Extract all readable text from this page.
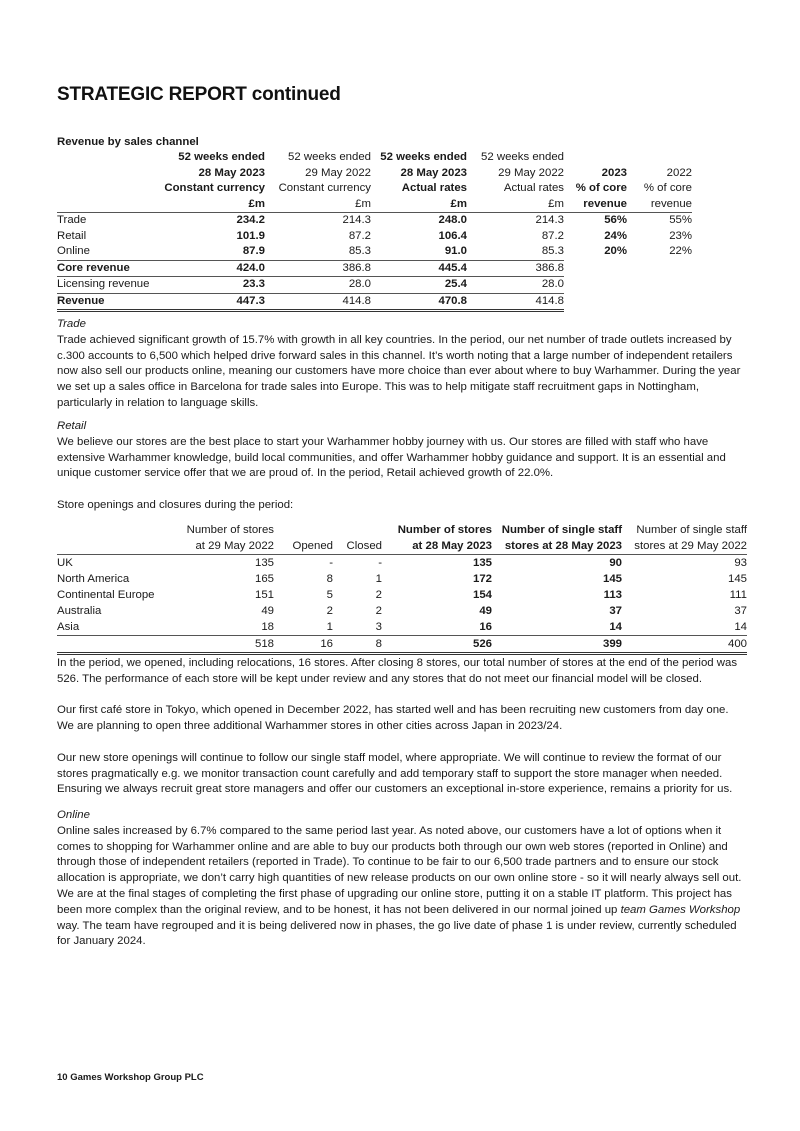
STRATEGIC REPORT continued
Revenue by sales channel
	52 weeks ended	52 weeks ended	52 weeks ended	52 weeks ended		
	28 May 2023	29 May 2022	28 May 2023	29 May 2022	2023	2022
	Constant currency	Constant currency	Actual rates	Actual rates	% of core	% of core
	£m	£m	£m	£m	revenue	revenue
Trade	234.2	214.3	248.0	214.3	56%	55%
Retail	101.9	87.2	106.4	87.2	24%	23%
Online	87.9	85.3	91.0	85.3	20%	22%
Core revenue	424.0	386.8	445.4	386.8		
Licensing revenue	23.3	28.0	25.4	28.0		
Revenue	447.3	414.8	470.8	414.8		

Trade

Trade achieved significant growth of 15.7% with growth in all key countries. In the period, our net number of trade outlets increased by c.300 accounts to 6,500 which helped drive forward sales in this channel. It’s worth noting that a large number of independent retailers now also sell our products online, meaning our customers have more choice than ever about where to buy Warhammer. During the year we set up a sales office in Barcelona for trade sales into Europe. This was to help mitigate staff recruitment gaps in Nottingham, particularly in relation to language skills.

Retail

We believe our stores are the best place to start your Warhammer hobby journey with us. Our stores are filled with staff who have extensive Warhammer knowledge, build local communities, and offer Warhammer hobby guidance and support. It is an essential and unique customer service offer that we are proud of. In the period, Retail achieved growth of 22.0%.

Store openings and closures during the period:

	Number of stores			Number of stores	Number of single staff	Number of single staff
	at 29 May 2022	Opened	Closed	at 28 May 2023	stores at 28 May 2023	stores at 29 May 2022
UK	135	-	-	135	90	93
North America	165	8	1	172	145	145
Continental Europe	151	5	2	154	113	111
Australia	49	2	2	49	37	37
Asia	18	1	3	16	14	14
	518	16	8	526	399	400

In the period, we opened, including relocations, 16 stores. After closing 8 stores, our total number of stores at the end of the period was 526. The performance of each store will be kept under review and any stores that do not meet our financial model will be closed.

Our first café store in Tokyo, which opened in December 2022, has started well and has been recruiting new customers from day one. We are planning to open three additional Warhammer stores in other cities across Japan in 2023/24.

Our new store openings will continue to follow our single staff model, where appropriate. We will continue to review the format of our stores pragmatically e.g. we monitor transaction count carefully and add temporary staff to support the store manager when needed. Ensuring we always recruit great store managers and offer our customers an exceptional in-store experience, remains a priority for us.

Online

Online sales increased by 6.7% compared to the same period last year. As noted above, our customers have a lot of options when it comes to shopping for Warhammer online and are able to buy our products both through our own web stores (reported in Online) and through those of independent retailers (reported in Trade). To continue to be fair to our 6,500 trade partners and to ensure our stock allocation is appropriate, we don’t carry high quantities of new release products on our own online store - so it will nearly always sell out. We are at the final stages of completing the first phase of upgrading our online store, putting it on a stable IT platform. This project has been more complex than the original review, and to be honest, it has not been delivered in our normal joined up team Games Workshop way. The team have regrouped and it is being delivered now in phases, the go live date of phase 1 is under review, currently scheduled for January 2024.

10 Games Workshop Group PLC
